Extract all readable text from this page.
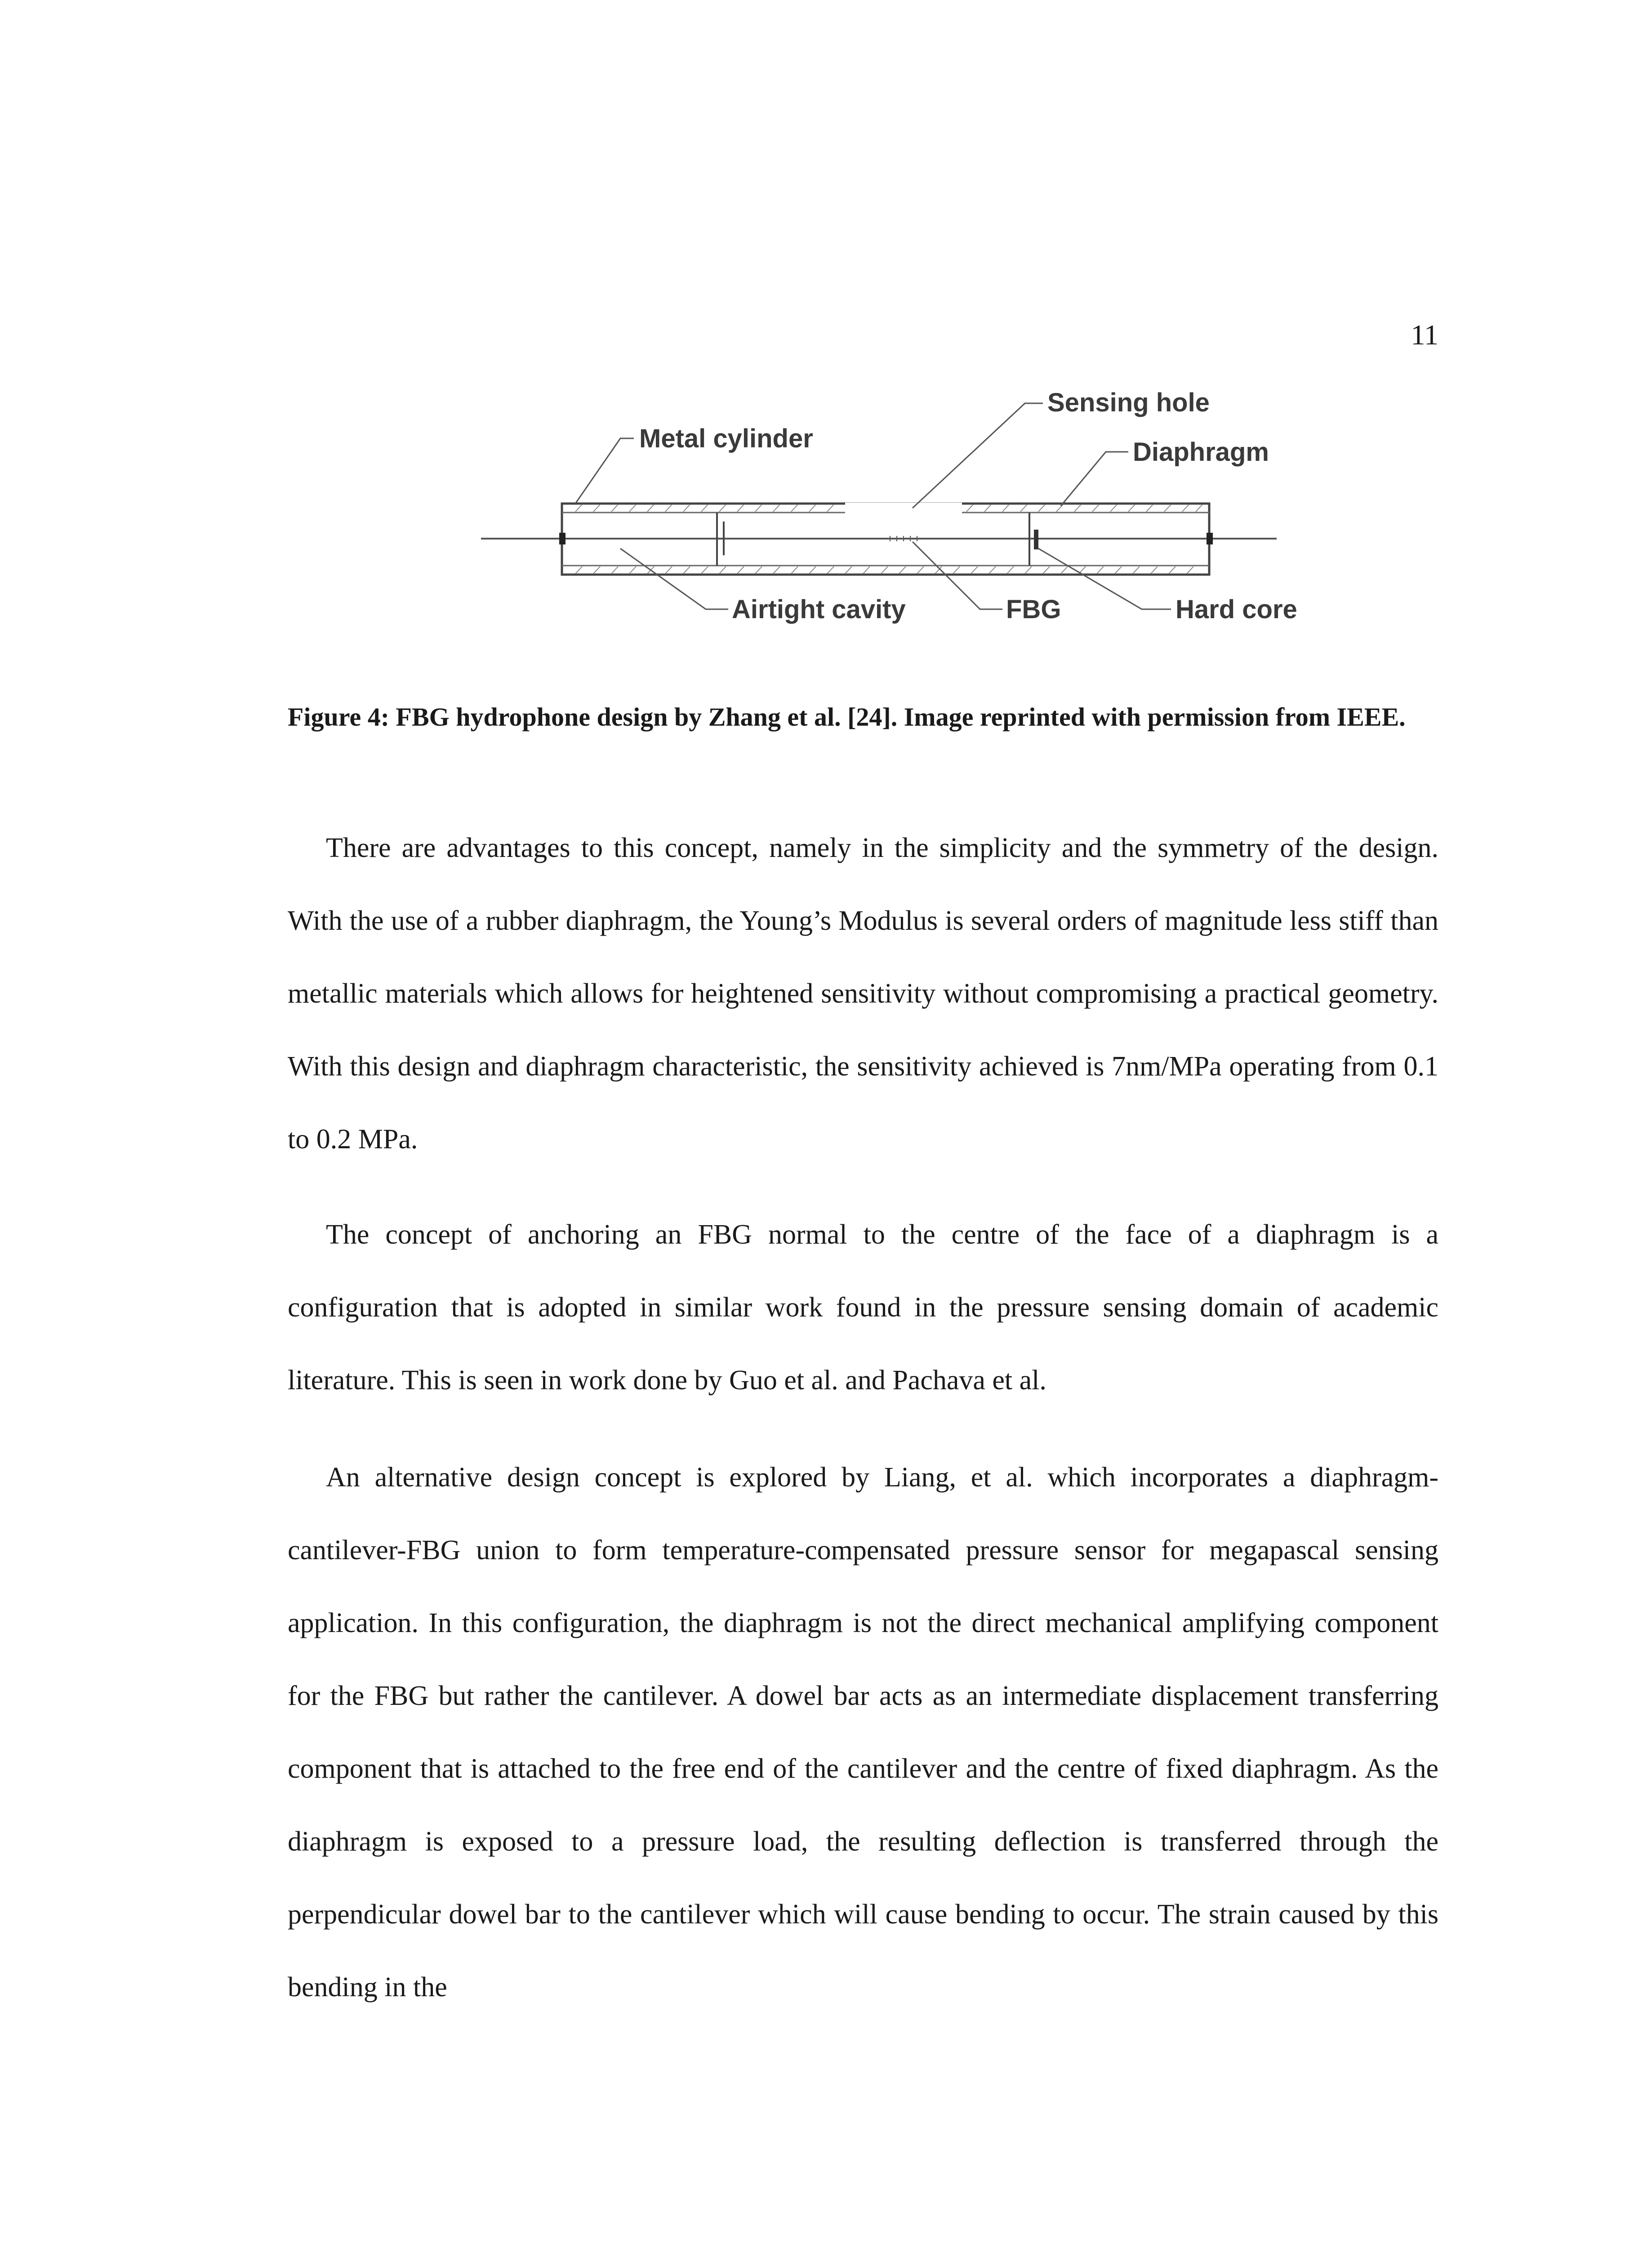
11
Sensing hole
Metal cylinder	Diaphragm
Airtight cavity	FBG	Hard core
Figure 4: FBG hydrophone design by Zhang et al. [24]. Image reprinted with permission from IEEE.

There are advantages to this concept, namely in the simplicity and the symmetry of the design. With the use of a rubber diaphragm, the Young’s Modulus is several orders of magnitude less stiff than metallic materials which allows for heightened sensitivity without compromising a practical geometry. With this design and diaphragm characteristic, the sensitivity achieved is 7nm/MPa operating from 0.1 to 0.2 MPa.

The concept of anchoring an FBG normal to the centre of the face of a diaphragm is a configuration that is adopted in similar work found in the pressure sensing domain of academic literature. This is seen in work done by Guo et al. and Pachava et al.

An alternative design concept is explored by Liang, et al. which incorporates a diaphragm-cantilever-FBG union to form temperature-compensated pressure sensor for megapascal sensing application. In this configuration, the diaphragm is not the direct mechanical amplifying component for the FBG but rather the cantilever. A dowel bar acts as an intermediate displacement transferring component that is attached to the free end of the cantilever and the centre of fixed diaphragm. As the diaphragm is exposed to a pressure load, the resulting deflection is transferred through the perpendicular dowel bar to the cantilever which will cause bending to occur. The strain caused by this bending in the
